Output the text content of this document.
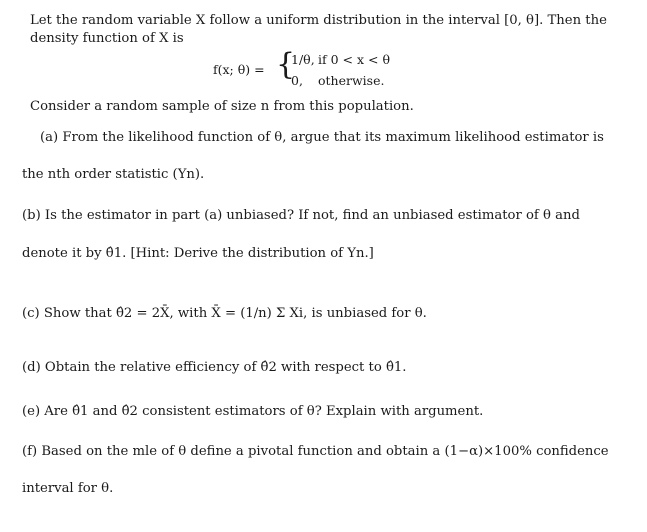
Let the random variable X follow a uniform distribution in the interval [0, θ]. Then the
density function of X is
f(x; θ) = {
1/θ, if 0 < x < θ
0, otherwise.
Consider a random sample of size n from this population.
(a) From the likelihood function of θ, argue that its maximum likelihood estimator is
the nth order statistic (Yn).
(b) Is the estimator in part (a) unbiased? If not, find an unbiased estimator of θ and
denote it by θ̂1. [Hint: Derive the distribution of Yn.]
(c) Show that θ̂2 = 2X̄, with X̄ = (1/n) Σ Xi, is unbiased for θ.
(d) Obtain the relative efficiency of θ̂2 with respect to θ̂1.
(e) Are θ̂1 and θ̂2 consistent estimators of θ? Explain with argument.
(f) Based on the mle of θ define a pivotal function and obtain a (1−α)×100% confidence
interval for θ.
